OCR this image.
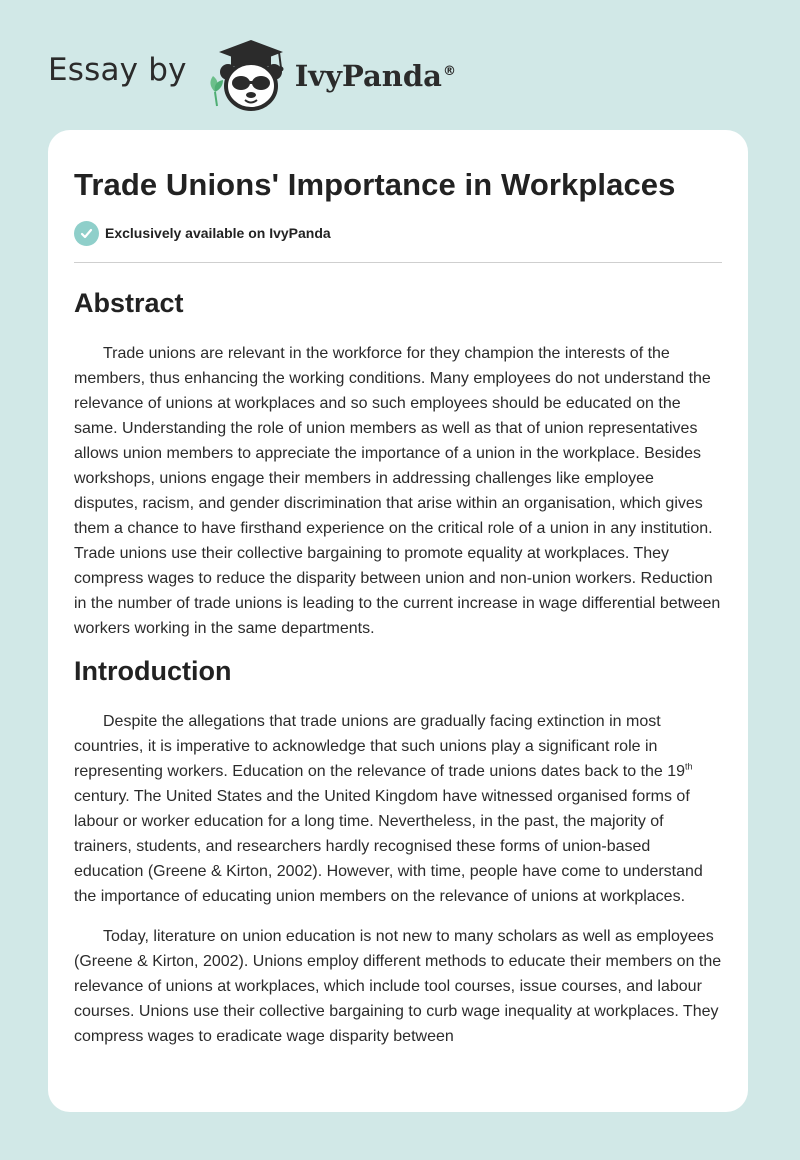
Essay by	IvyPanda®
Trade Unions' Importance in Workplaces
Exclusively available on IvyPanda
Abstract

Trade unions are relevant in the workforce for they champion the interests of the members, thus enhancing the working conditions. Many employees do not understand the relevance of unions at workplaces and so such employees should be educated on the same. Understanding the role of union members as well as that of union representatives allows union members to appreciate the importance of a union in the workplace. Besides workshops, unions engage their members in addressing challenges like employee disputes, racism, and gender discrimination that arise within an organisation, which gives them a chance to have firsthand experience on the critical role of a union in any institution. Trade unions use their collective bargaining to promote equality at workplaces. They compress wages to reduce the disparity between union and non-union workers. Reduction in the number of trade unions is leading to the current increase in wage differential between workers working in the same departments.

Introduction

Despite the allegations that trade unions are gradually facing extinction in most countries, it is imperative to acknowledge that such unions play a significant role in representing workers. Education on the relevance of trade unions dates back to the 19th century. The United States and the United Kingdom have witnessed organised forms of labour or worker education for a long time. Nevertheless, in the past, the majority of trainers, students, and researchers hardly recognised these forms of union-based education (Greene & Kirton, 2002). However, with time, people have come to understand the importance of educating union members on the relevance of unions at workplaces.

Today, literature on union education is not new to many scholars as well as employees (Greene & Kirton, 2002). Unions employ different methods to educate their members on the relevance of unions at workplaces, which include tool courses, issue courses, and labour courses. Unions use their collective bargaining to curb wage inequality at workplaces. They compress wages to eradicate wage disparity between
